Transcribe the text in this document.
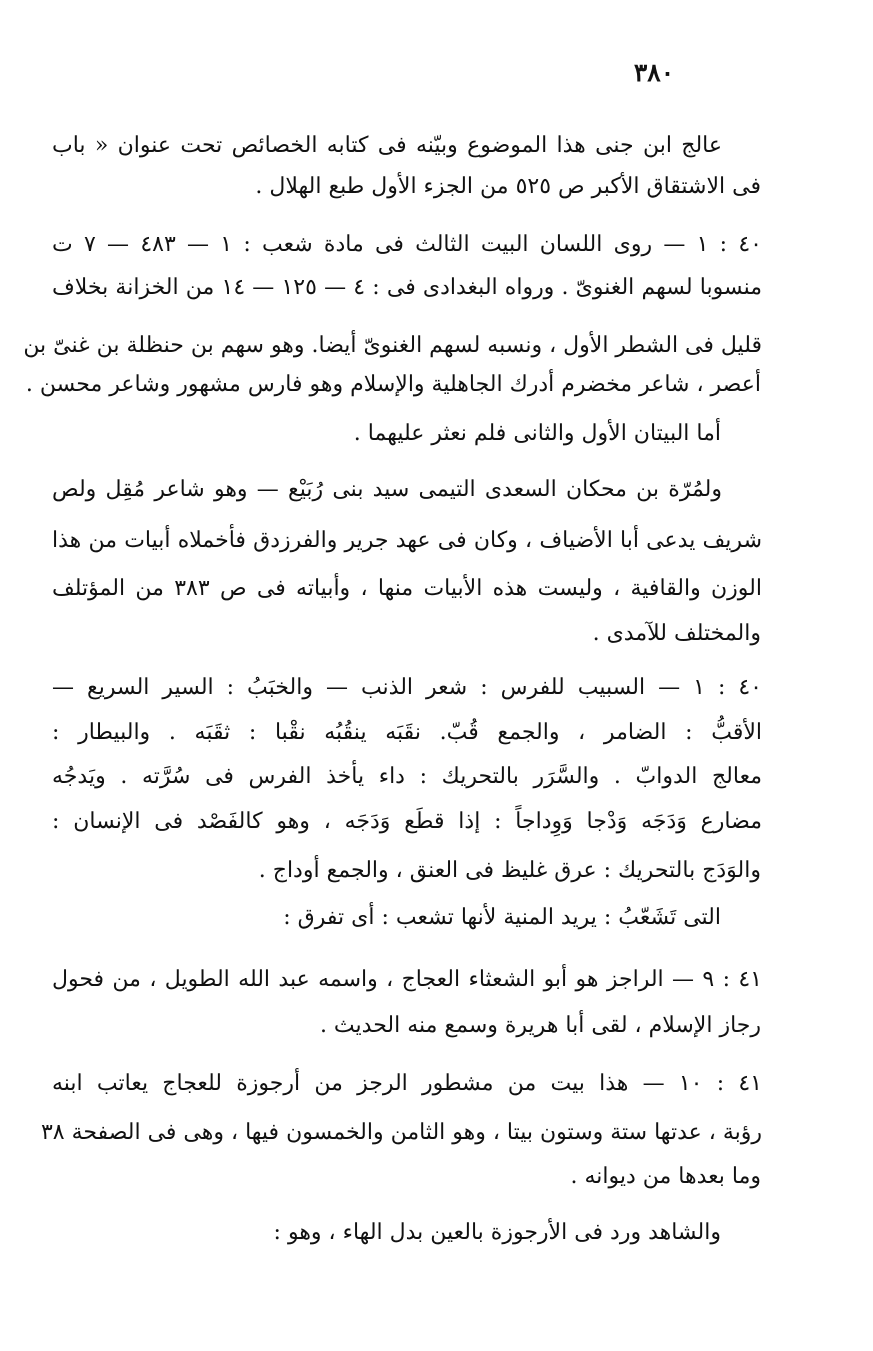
٣٨٠
عالج ابن جنى هذا الموضوع وبيّنه فى كتابه الخصائص تحت عنوان « باب
فى الاشتقاق الأكبر ص ٥٢٥ من الجزء الأول طبع الهلال .
٤٠ : ١ — روى اللسان البيت الثالث فى مادة شعب : ١ — ٤٨٣ — ٧ ت
منسوبا لسهم الغنوىّ . ورواه البغدادى فى : ٤ — ١٢٥ — ١٤ من الخزانة بخلاف
قليل فى الشطر الأول ، ونسبه لسهم الغنوىّ أيضا. وهو سهم بن حنظلة بن غنىّ بن
أعصر ، شاعر مخضرم أدرك الجاهلية والإسلام وهو فارس مشهور وشاعر محسن .
أما البيتان الأول والثانى فلم نعثر عليهما .
ولمُرّة بن محكان السعدى التيمى سيد بنى رُبَيْع — وهو شاعر مُقِل ولص
شريف يدعى أبا الأضياف ، وكان فى عهد جرير والفرزدق فأخملاه أبيات من هذا
الوزن والقافية ، وليست هذه الأبيات منها ، وأبياته فى ص ٣٨٣ من المؤتلف
والمختلف للآمدى .
٤٠ : ١ — السبيب للفرس : شعر الذنب — والخبَبُ : السير السريع —
الأقبُّ : الضامر ، والجمع قُبّ. نقَبَه ينقُبُه نقْبا : ثقَبَه . والبيطار :
معالج الدوابّ . والسَّرَر بالتحريك : داء يأخذ الفرس فى سُرَّته . ويَدجُه
مضارع وَدَجَه وَدْجا وَوِداجاً : إذا قطَع وَدَجَه ، وهو كالفَصْد فى الإنسان :
والوَدَج بالتحريك : عرق غليظ فى العنق ، والجمع أوداج .
التى تَشَعّبُ : يريد المنية لأنها تشعب : أى تفرق :
٤١ : ٩ — الراجز هو أبو الشعثاء العجاج ، واسمه عبد الله الطويل ، من فحول
رجاز الإسلام ، لقى أبا هريرة وسمع منه الحديث .
٤١ : ١٠ — هذا بيت من مشطور الرجز من أرجوزة للعجاج يعاتب ابنه
رؤبة ، عدتها ستة وستون بيتا ، وهو الثامن والخمسون فيها ، وهى فى الصفحة ٣٨
وما بعدها من ديوانه .
والشاهد ورد فى الأرجوزة بالعين بدل الهاء ، وهو :
